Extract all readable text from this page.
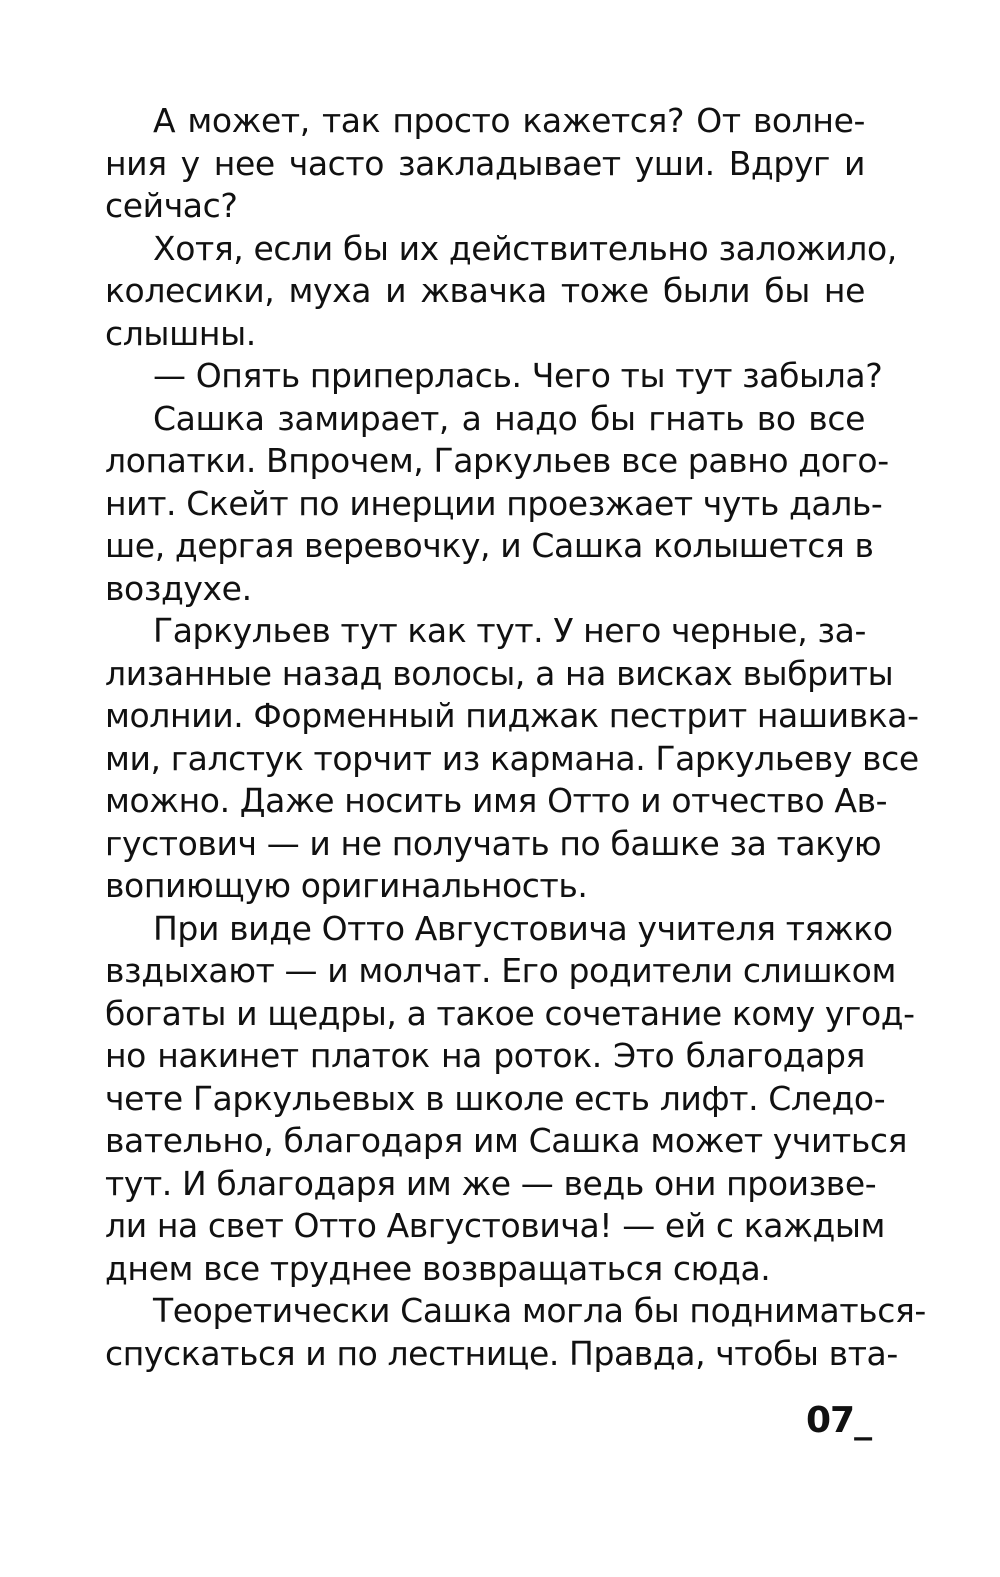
А может, так просто кажется? От волне-
ния у нее часто закладывает уши. Вдруг и
сейчас?
Хотя, если бы их действительно заложило,
колесики, муха и жвачка тоже были бы не
слышны.
— Опять приперлась. Чего ты тут забыла?
Сашка замирает, а надо бы гнать во все
лопатки. Впрочем, Гаркульев все равно дого-
нит. Скейт по инерции проезжает чуть даль-
ше, дергая веревочку, и Сашка колышется в
воздухе.
Гаркульев тут как тут. У него черные, за-
лизанные назад волосы, а на висках выбриты
молнии. Форменный пиджак пестрит нашивка-
ми, галстук торчит из кармана. Гаркульеву все
можно. Даже носить имя Отто и отчество Ав-
густович — и не получать по башке за такую
вопиющую оригинальность.
При виде Отто Августовича учителя тяжко
вздыхают — и молчат. Его родители слишком
богаты и щедры, а такое сочетание кому угод-
но накинет платок на роток. Это благодаря
чете Гаркульевых в школе есть лифт. Следо-
вательно, благодаря им Сашка может учиться
тут. И благодаря им же — ведь они произве-
ли на свет Отто Августовича! — ей с каждым
днем все труднее возвращаться сюда.
Теоретически Сашка могла бы подниматься-
спускаться и по лестнице. Правда, чтобы вта-
07_
